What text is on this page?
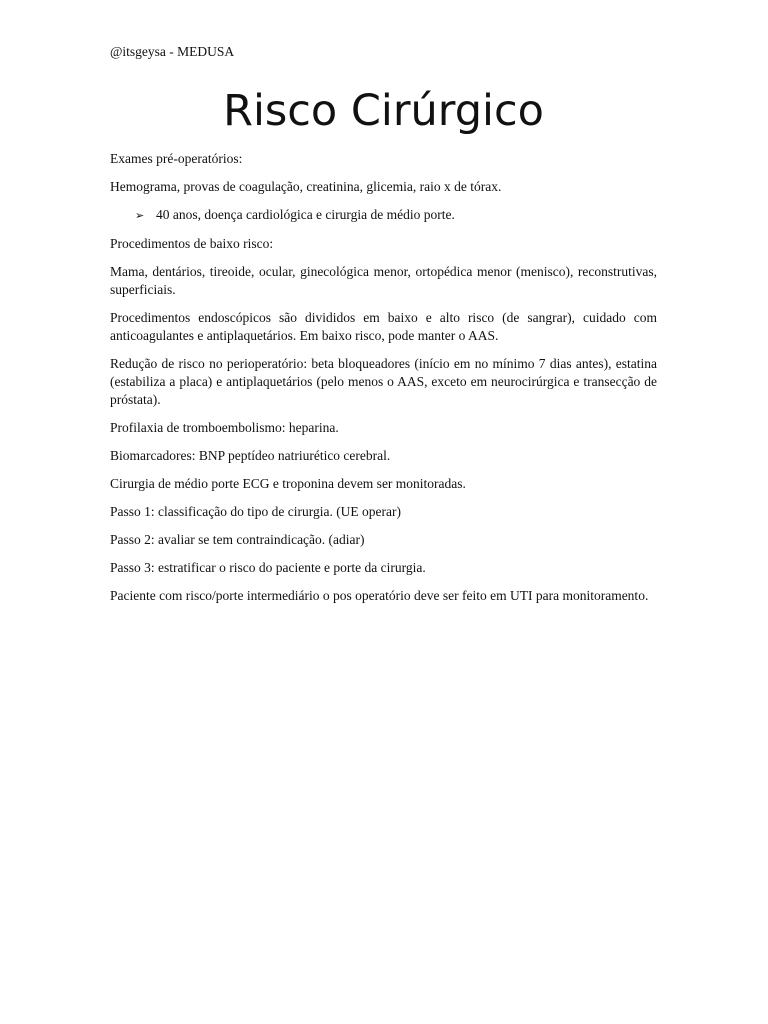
@itsgeysa - MEDUSA
Risco Cirúrgico

Exames pré-operatórios:

Hemograma, provas de coagulação, creatinina, glicemia, raio x de tórax.

➢ 40 anos, doença cardiológica e cirurgia de médio porte.

Procedimentos de baixo risco:

Mama, dentários, tireoide, ocular, ginecológica menor, ortopédica menor (menisco), reconstrutivas, superficiais.

Procedimentos endoscópicos são divididos em baixo e alto risco (de sangrar), cuidado com anticoagulantes e antiplaquetários. Em baixo risco, pode manter o AAS.

Redução de risco no perioperatório: beta bloqueadores (início em no mínimo 7 dias antes), estatina (estabiliza a placa) e antiplaquetários (pelo menos o AAS, exceto em neurocirúrgica e transecção de próstata).

Profilaxia de tromboembolismo: heparina.

Biomarcadores: BNP peptídeo natriurético cerebral.

Cirurgia de médio porte ECG e troponina devem ser monitoradas.

Passo 1: classificação do tipo de cirurgia. (UE operar)

Passo 2: avaliar se tem contraindicação. (adiar)

Passo 3: estratificar o risco do paciente e porte da cirurgia.

Paciente com risco/porte intermediário o pos operatório deve ser feito em UTI para monitoramento.
